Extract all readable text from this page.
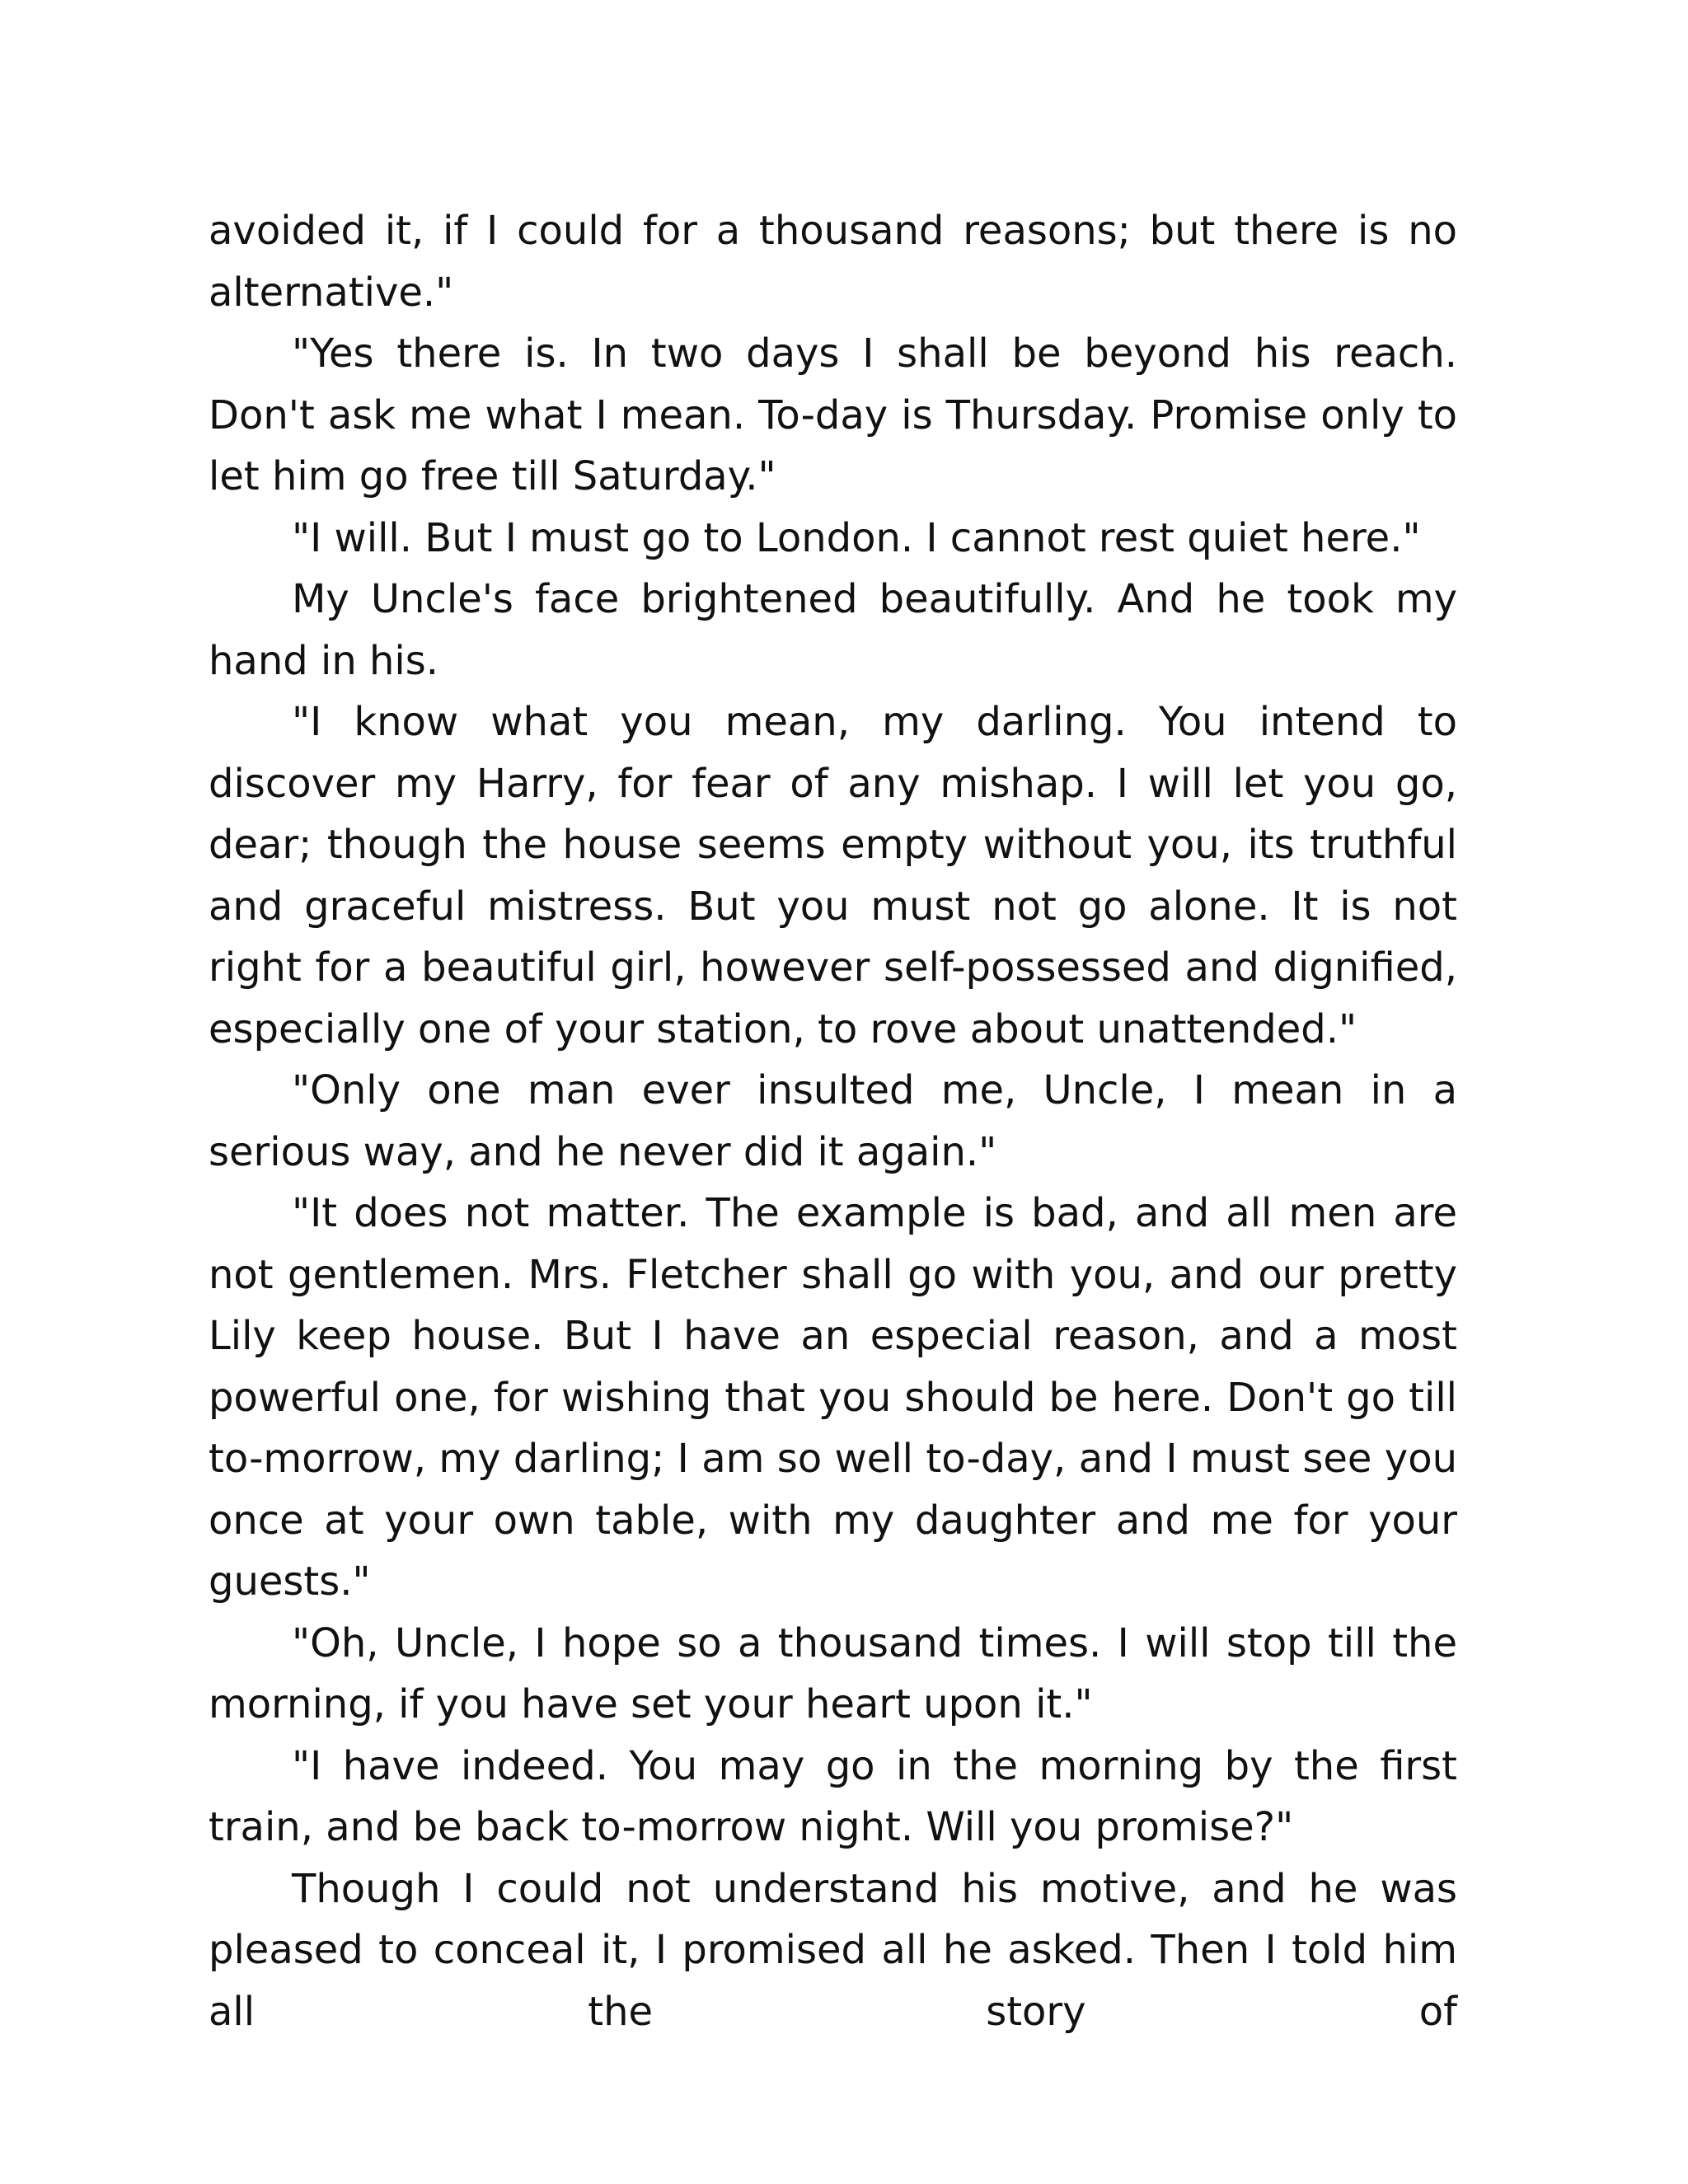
avoided it, if I could for a thousand reasons; but there is no alternative."

"Yes there is. In two days I shall be beyond his reach. Don't ask me what I mean. To-day is Thursday. Promise only to let him go free till Saturday."

"I will. But I must go to London. I cannot rest quiet here."

My Uncle's face brightened beautifully. And he took my hand in his.

"I know what you mean, my darling. You intend to discover my Harry, for fear of any mishap. I will let you go, dear; though the house seems empty without you, its truthful and graceful mistress. But you must not go alone. It is not right for a beautiful girl, however self-possessed and dignified, especially one of your station, to rove about unattended."

"Only one man ever insulted me, Uncle, I mean in a serious way, and he never did it again."

"It does not matter. The example is bad, and all men are not gentlemen. Mrs. Fletcher shall go with you, and our pretty Lily keep house. But I have an especial reason, and a most powerful one, for wishing that you should be here. Don't go till to-morrow, my darling; I am so well to-day, and I must see you once at your own table, with my daughter and me for your guests."

"Oh, Uncle, I hope so a thousand times. I will stop till the morning, if you have set your heart upon it."

"I have indeed. You may go in the morning by the first train, and be back to-morrow night. Will you promise?"

Though I could not understand his motive, and he was pleased to conceal it, I promised all he asked. Then I told him all the story of
